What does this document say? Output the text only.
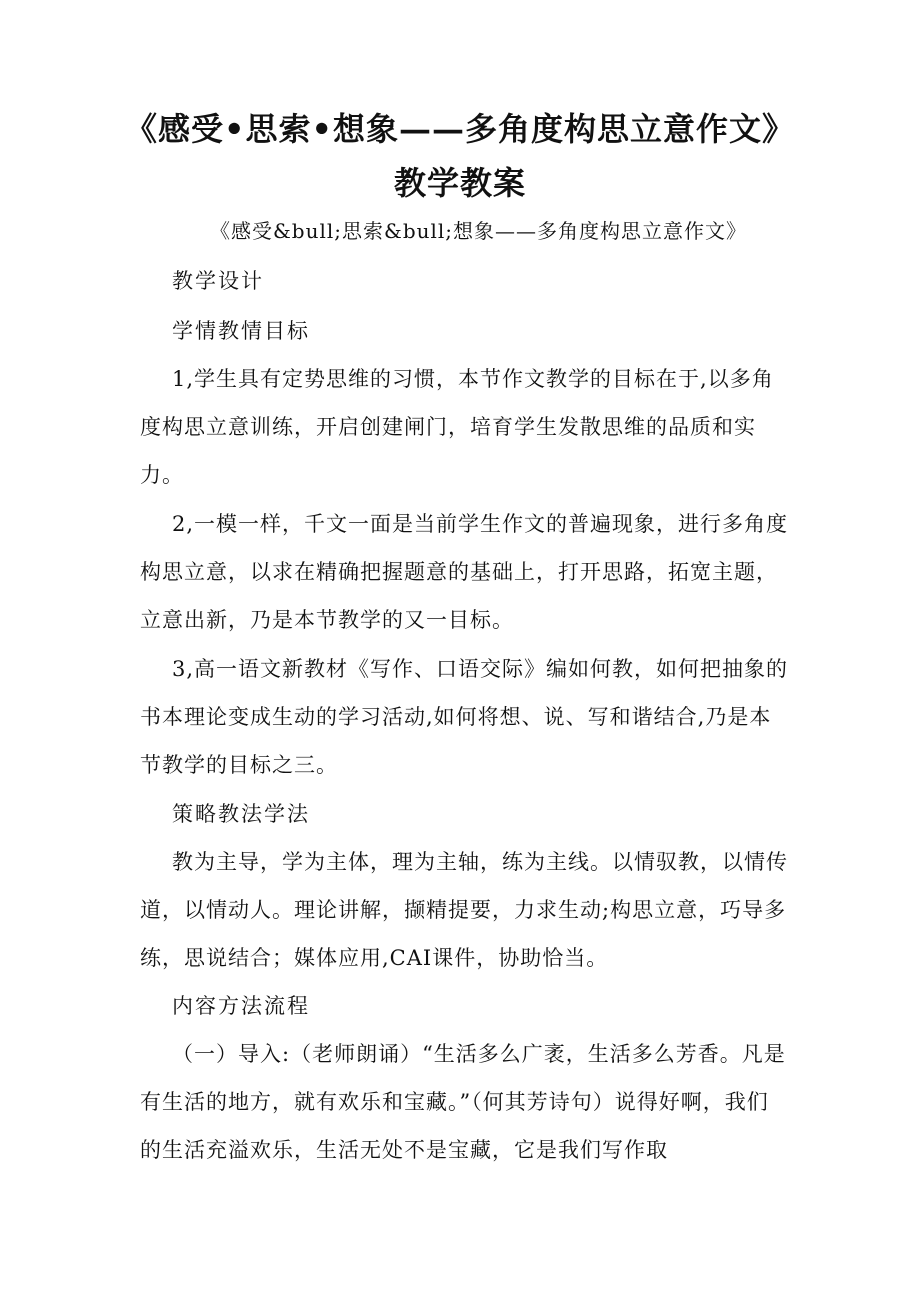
《感受•思索•想象——多角度构思立意作文》
教学教案
《感受&bull;思索&bull;想象——多角度构思立意作文》
教学设计
学情教情目标
1,学生具有定势思维的习惯，本节作文教学的目标在于,以多角度构思立意训练，开启创建闸门，培育学生发散思维的品质和实力。
2,一模一样，千文一面是当前学生作文的普遍现象，进行多角度构思立意，以求在精确把握题意的基础上，打开思路，拓宽主题，立意出新，乃是本节教学的又一目标。
3,高一语文新教材《写作、口语交际》编如何教，如何把抽象的书本理论变成生动的学习活动,如何将想、说、写和谐结合,乃是本节教学的目标之三。
策略教法学法
教为主导，学为主体，理为主轴，练为主线。以情驭教，以情传道，以情动人。理论讲解，撷精提要，力求生动;构思立意，巧导多练，思说结合；媒体应用,CAI课件，协助恰当。
内容方法流程
（一）导入:（老师朗诵）“生活多么广袤，生活多么芳香。凡是有生活的地方，就有欢乐和宝藏。”（何其芳诗句）说得好啊，我们的生活充溢欢乐，生活无处不是宝藏，它是我们写作取
